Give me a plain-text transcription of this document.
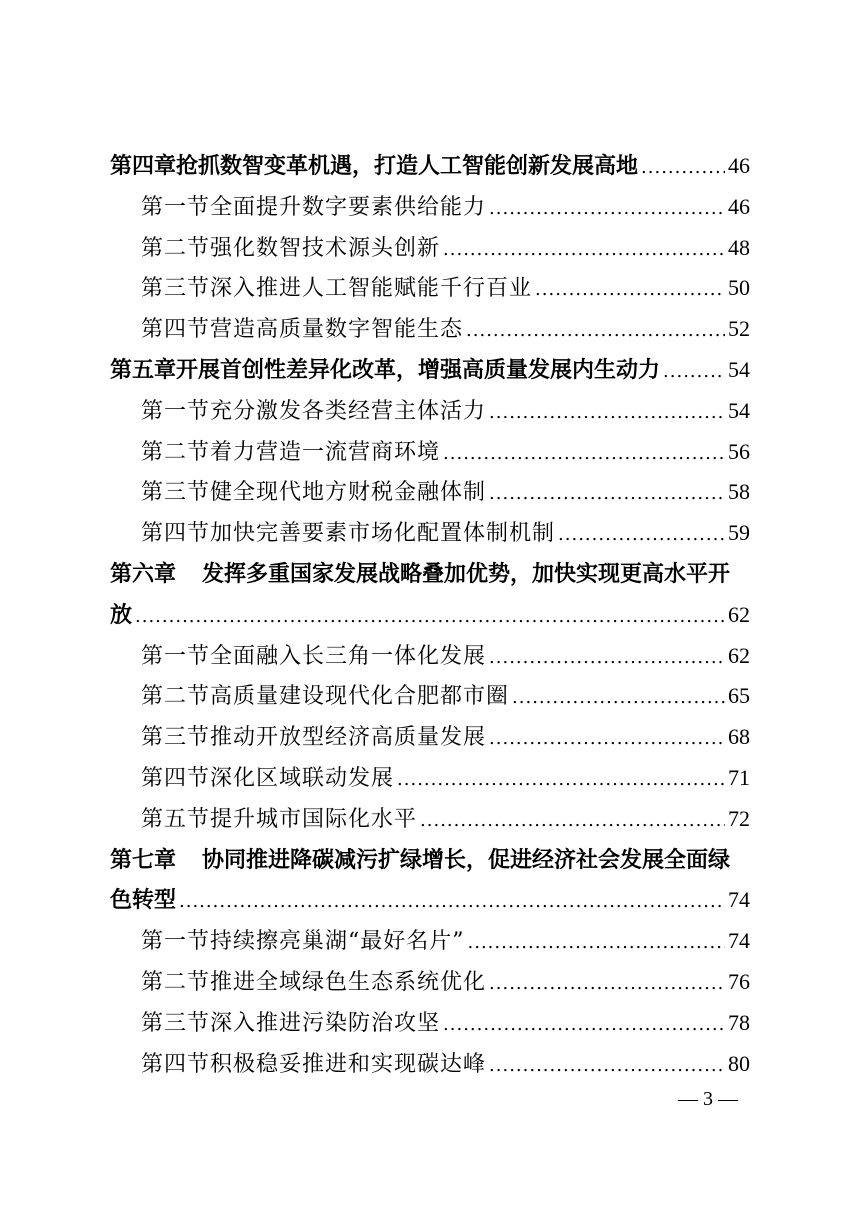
第四章 抢抓数智变革机遇，打造人工智能创新发展高地 .....	46
第一节 全面提升数字要素供给能力 .....	46
第二节 强化数智技术源头创新 .....	48
第三节 深入推进人工智能赋能千行百业 .....	50
第四节 营造高质量数字智能生态 .....	52
第五章 开展首创性差异化改革，增强高质量发展内生动力 .....	54
第一节 充分激发各类经营主体活力 .....	54
第二节 着力营造一流营商环境 .....	56
第三节 健全现代地方财税金融体制 .....	58
第四节 加快完善要素市场化配置体制机制 .....	59
第六章	发挥多重国家发展战略叠加优势，加快实现更高水平开
放 .....	62
第一节 全面融入长三角一体化发展 .....	62
第二节 高质量建设现代化合肥都市圈 .....	65
第三节 推动开放型经济高质量发展 .....	68
第四节 深化区域联动发展 .....	71
第五节 提升城市国际化水平 .....	72
第七章	协同推进降碳减污扩绿增长，促进经济社会发展全面绿
色转型 .....	74
第一节 持续擦亮巢湖“最好名片” .....	74
第二节 推进全域绿色生态系统优化 .....	76
第三节 深入推进污染防治攻坚 .....	78
第四节 积极稳妥推进和实现碳达峰 .....	80
— 3 —
